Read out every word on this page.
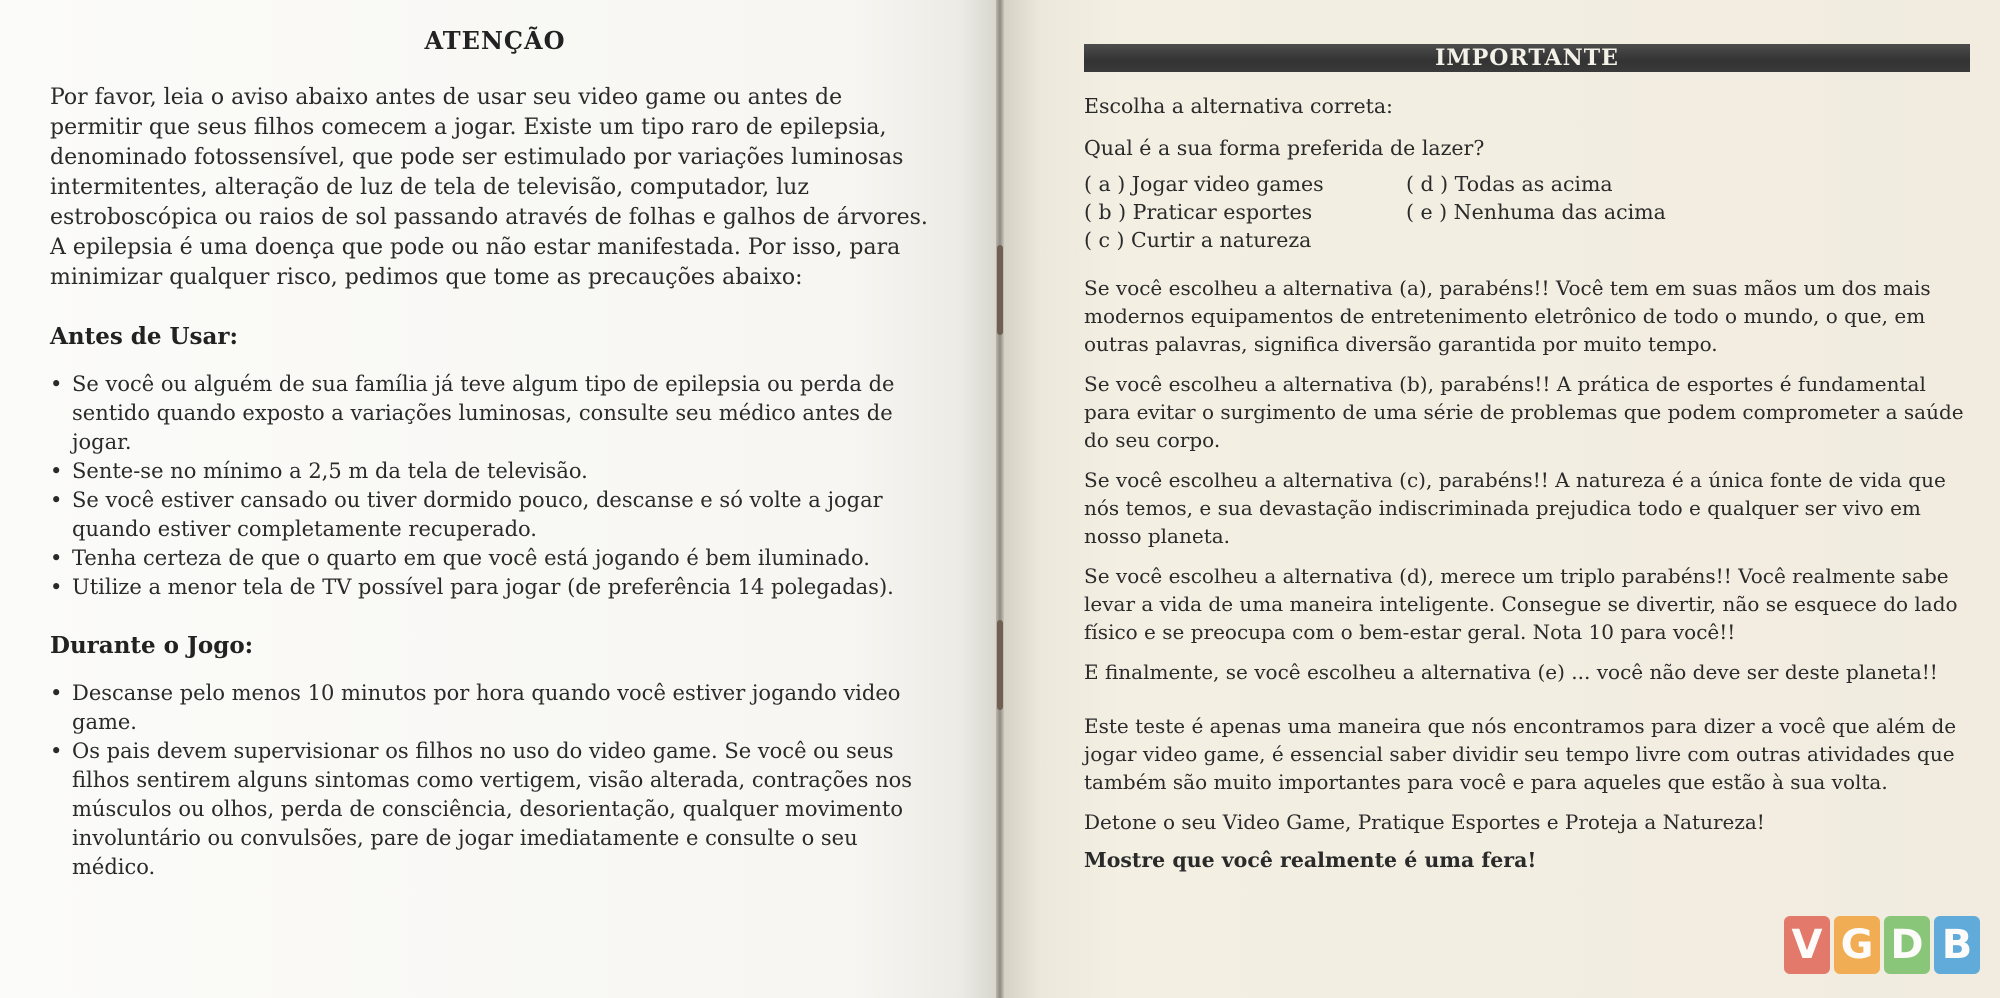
ATENÇÃO

Por favor, leia o aviso abaixo antes de usar seu video game ou antes de permitir que seus filhos comecem a jogar. Existe um tipo raro de epilepsia, denominado fotossensível, que pode ser estimulado por variações luminosas intermitentes, alteração de luz de tela de televisão, computador, luz estroboscópica ou raios de sol passando através de folhas e galhos de árvores. A epilepsia é uma doença que pode ou não estar manifestada. Por isso, para minimizar qualquer risco, pedimos que tome as precauções abaixo:

Antes de Usar:
• Se você ou alguém de sua família já teve algum tipo de epilepsia ou perda de sentido quando exposto a variações luminosas, consulte seu médico antes de jogar.
• Sente-se no mínimo a 2,5 m da tela de televisão.
• Se você estiver cansado ou tiver dormido pouco, descanse e só volte a jogar quando estiver completamente recuperado.
• Tenha certeza de que o quarto em que você está jogando é bem iluminado.
• Utilize a menor tela de TV possível para jogar (de preferência 14 polegadas).
Durante o Jogo:
• Descanse pelo menos 10 minutos por hora quando você estiver jogando video game.
• Os pais devem supervisionar os filhos no uso do video game. Se você ou seus filhos sentirem alguns sintomas como vertigem, visão alterada, contrações nos músculos ou olhos, perda de consciência, desorientação, qualquer movimento involuntário ou convulsões, pare de jogar imediatamente e consulte o seu médico.
IMPORTANTE

Escolha a alternativa correta:

Qual é a sua forma preferida de lazer?

( a ) Jogar video games	( d ) Todas as acima
( b ) Praticar esportes	( e ) Nenhuma das acima
( c ) Curtir a natureza

Se você escolheu a alternativa (a), parabéns!! Você tem em suas mãos um dos mais modernos equipamentos de entretenimento eletrônico de todo o mundo, o que, em outras palavras, significa diversão garantida por muito tempo.

Se você escolheu a alternativa (b), parabéns!! A prática de esportes é fundamental para evitar o surgimento de uma série de problemas que podem comprometer a saúde do seu corpo.

Se você escolheu a alternativa (c), parabéns!! A natureza é a única fonte de vida que nós temos, e sua devastação indiscriminada prejudica todo e qualquer ser vivo em nosso planeta.

Se você escolheu a alternativa (d), merece um triplo parabéns!! Você realmente sabe levar a vida de uma maneira inteligente. Consegue se divertir, não se esquece do lado físico e se preocupa com o bem-estar geral. Nota 10 para você!!

E finalmente, se você escolheu a alternativa (e) ... você não deve ser deste planeta!!

Este teste é apenas uma maneira que nós encontramos para dizer a você que além de jogar video game, é essencial saber dividir seu tempo livre com outras atividades que também são muito importantes para você e para aqueles que estão à sua volta.

Detone o seu Video Game, Pratique Esportes e Proteja a Natureza!

Mostre que você realmente é uma fera!

V G D B
